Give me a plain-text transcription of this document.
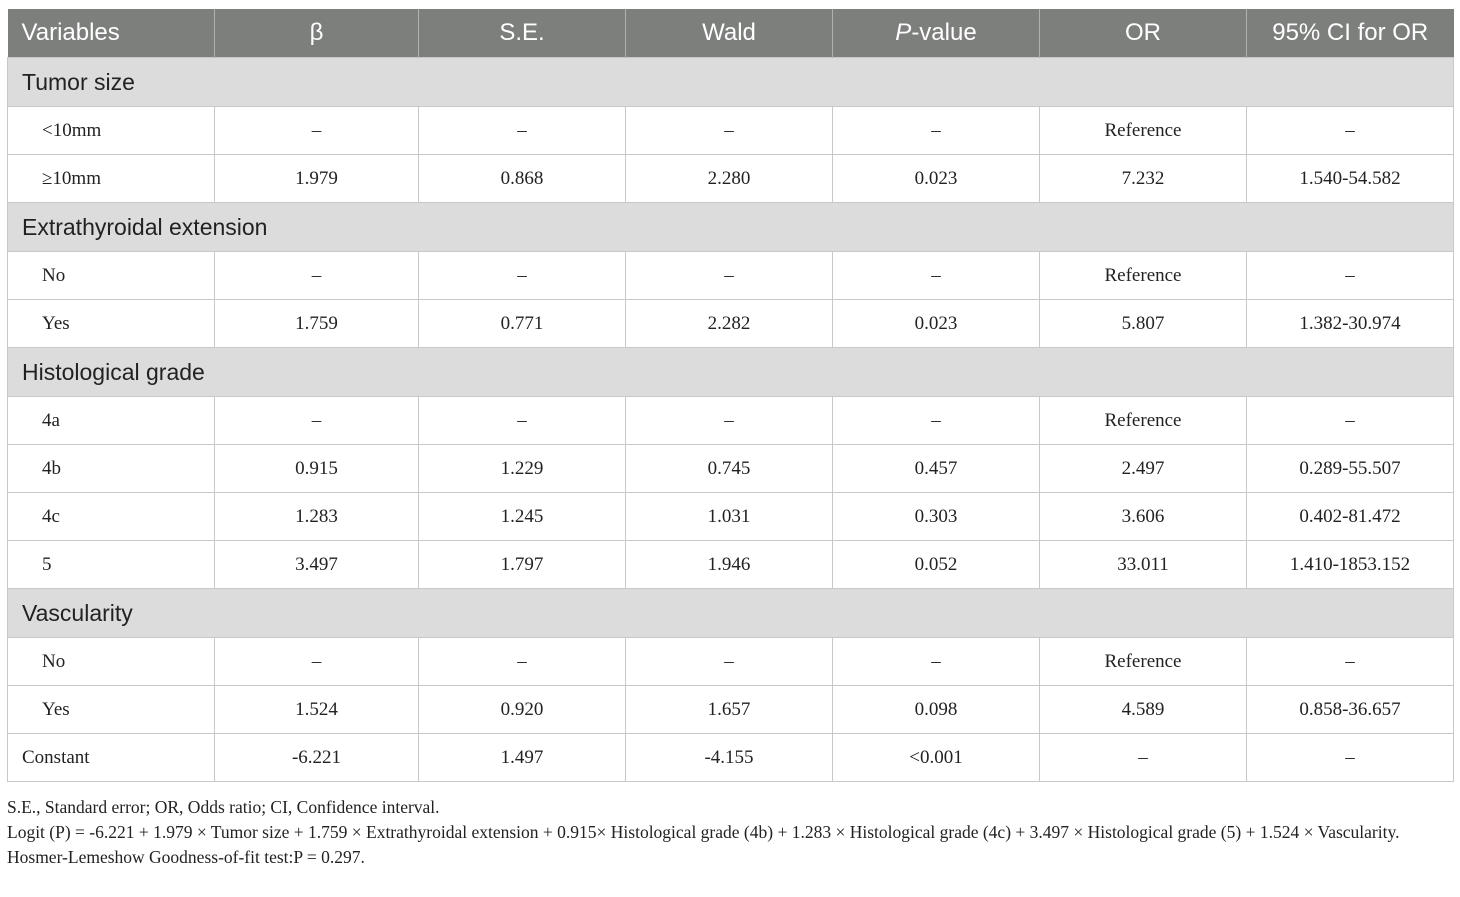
Variables	β	S.E.	Wald	P-value	OR	95% CI for OR
Tumor size						
<10mm	–	–	–	–	Reference	–
≥10mm	1.979	0.868	2.280	0.023	7.232	1.540-54.582
Extrathyroidal extension						
No	–	–	–	–	Reference	–
Yes	1.759	0.771	2.282	0.023	5.807	1.382-30.974
Histological grade						
4a	–	–	–	–	Reference	–
4b	0.915	1.229	0.745	0.457	2.497	0.289-55.507
4c	1.283	1.245	1.031	0.303	3.606	0.402-81.472
5	3.497	1.797	1.946	0.052	33.011	1.410-1853.152
Vascularity						
No	–	–	–	–	Reference	–
Yes	1.524	0.920	1.657	0.098	4.589	0.858-36.657
Constant	-6.221	1.497	-4.155	<0.001	–	–

S.E., Standard error; OR, Odds ratio; CI, Confidence interval.

Logit (P) = -6.221 + 1.979 × Tumor size + 1.759 × Extrathyroidal extension + 0.915× Histological grade (4b) + 1.283 × Histological grade (4c) + 3.497 × Histological grade (5) + 1.524 × Vascularity.

Hosmer-Lemeshow Goodness-of-fit test:P = 0.297.
